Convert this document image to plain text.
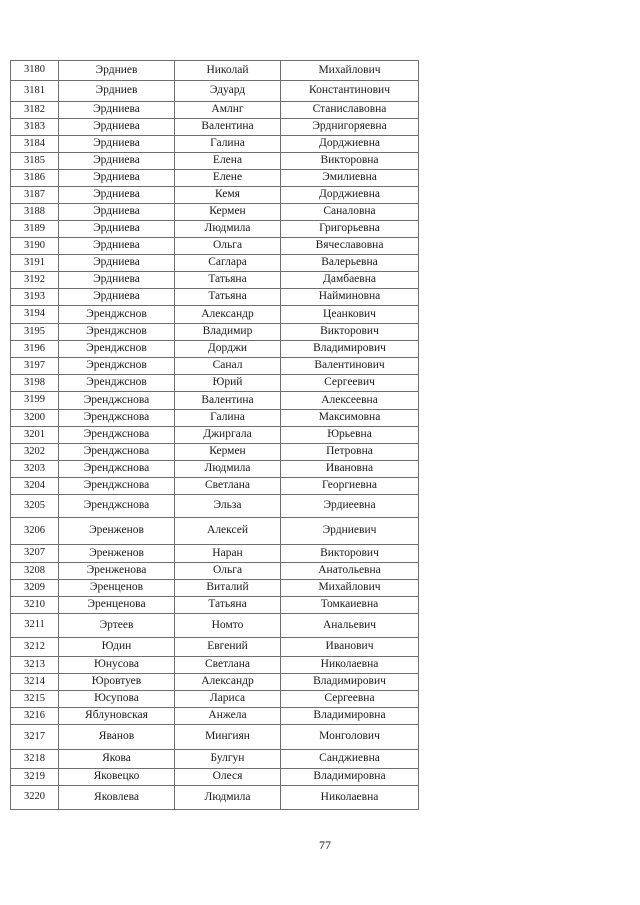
3180	Эрдниев	Николай	Михайлович
3181	Эрдниев	Эдуард	Константинович
3182	Эрдниева	Амлнг	Станиславовна
3183	Эрдниева	Валентина	Эрднигоряевна
3184	Эрдниева	Галина	Дорджиевна
3185	Эрдниева	Елена	Викторовна
3186	Эрдниева	Елене	Эмилиевна
3187	Эрдниева	Кемя	Дорджиевна
3188	Эрдниева	Кермен	Саналовна
3189	Эрдниева	Людмила	Григорьевна
3190	Эрдниева	Ольга	Вячеславовна
3191	Эрдниева	Саглара	Валерьевна
3192	Эрдниева	Татьяна	Дамбаевна
3193	Эрдниева	Татьяна	Найминовна
3194	Эренджснов	Александр	Цеанкович
3195	Эренджснов	Владимир	Викторович
3196	Эренджснов	Дорджи	Владимирович
3197	Эренджснов	Санал	Валентинович
3198	Эренджснов	Юрий	Сергеевич
3199	Эренджснова	Валентина	Алексеевна
3200	Эренджснова	Галина	Максимовна
3201	Эренджснова	Джиргала	Юрьевна
3202	Эренджснова	Кермен	Петровна
3203	Эренджснова	Людмила	Ивановна
3204	Эренджснова	Светлана	Георгиевна
3205	Эренджснова	Эльза	Эрдиеевна
3206	Эренженов	Алексей	Эрдниевич
3207	Эренженов	Наран	Викторович
3208	Эренженова	Ольга	Анатольевна
3209	Эренценов	Виталий	Михайлович
3210	Эренценова	Татьяна	Томкаиевна
3211	Эртеев	Номто	Анальевич
3212	Юдин	Евгений	Иванович
3213	Юнусова	Светлана	Николаевна
3214	Юровтуев	Александр	Владимирович
3215	Юсупова	Лариса	Сергеевна
3216	Яблуновская	Анжела	Владимировна
3217	Яванов	Мингиян	Монголович
3218	Якова	Булгун	Санджиевна
3219	Яковецко	Олеся	Владимировна
3220	Яковлева	Людмила	Николаевна
77
